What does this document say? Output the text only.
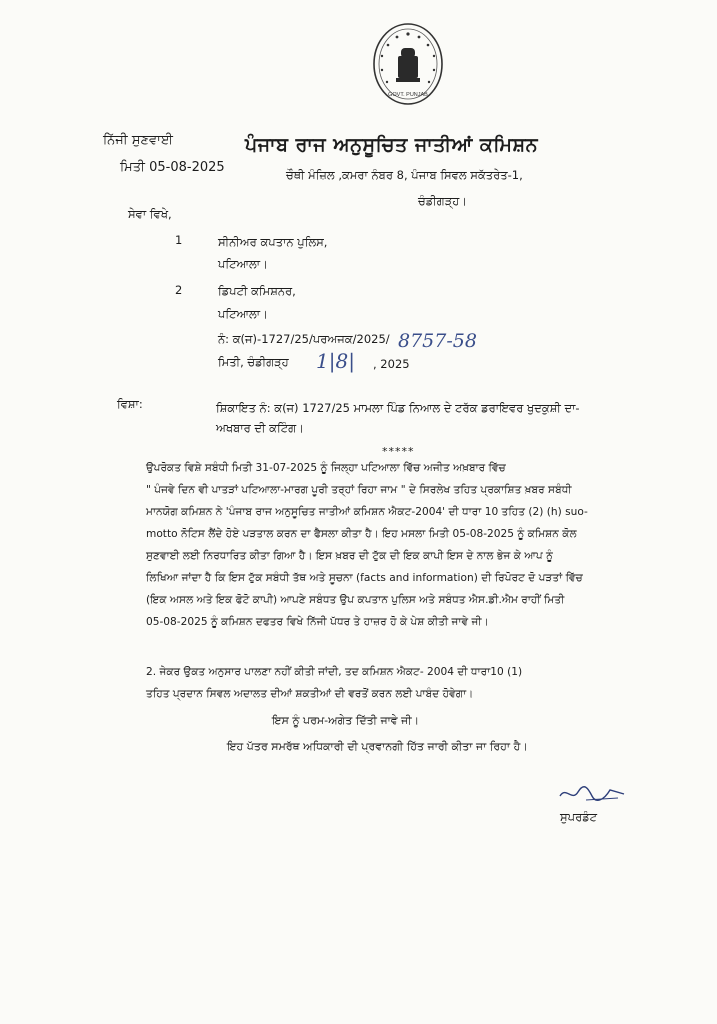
GOVT. PUNJAB
ਨਿੱਜੀ ਸੁਣਵਾਈ
ਮਿਤੀ 05-08-2025
ਪੰਜਾਬ ਰਾਜ ਅਨੁਸੂਚਿਤ ਜਾਤੀਆਂ ਕਮਿਸ਼ਨ
ਚੌਥੀ ਮੰਜ਼ਿਲ ,ਕਮਰਾ ਨੰਬਰ 8, ਪੰਜਾਬ ਸਿਵਲ ਸਕੱਤਰੇਤ-1,
ਚੰਡੀਗੜ੍ਹ।
ਸੇਵਾ ਵਿਖੇ,
1	ਸੀਨੀਅਰ ਕਪਤਾਨ ਪੁਲਿਸ,
ਪਟਿਆਲਾ।
2	ਡਿਪਟੀ ਕਮਿਸ਼ਨਰ,
ਪਟਿਆਲਾ।
ਨੰ: ਕ(ਜ)-1727/25/ਪਰਅਜਕ/2025/ 8757-58
ਮਿਤੀ, ਚੰਡੀਗੜ੍ਹ 1|8| , 2025
ਵਿਸ਼ਾ:	ਸ਼ਿਕਾਇਤ ਨੰ: ਕ(ਜ) 1727/25 ਮਾਮਲਾ ਪਿੰਡ ਨਿਆਲ ਦੇ ਟਰੱਕ ਡਰਾਇਵਰ ਖੁਦਕੁਸ਼ੀ ਦਾ-
ਅਖਬਾਰ ਦੀ ਕਟਿੰਗ।
*****
ਉਪਰੋਕਤ ਵਿਸ਼ੇ ਸਬੰਧੀ ਮਿਤੀ 31-07-2025 ਨੂੰ ਜਿਲ੍ਹਾ ਪਟਿਆਲਾ ਵਿੱਚ ਅਜੀਤ ਅਖ਼ਬਾਰ ਵਿੱਚ
" ਪੰਜਵੇ ਦਿਨ ਵੀ ਪਾਤੜਾਂ ਪਟਿਆਲਾ-ਮਾਰਗ ਪੂਰੀ ਤਰ੍ਹਾਂ ਰਿਹਾ ਜਾਮ " ਦੇ ਸਿਰਲੇਖ ਤਹਿਤ ਪ੍ਰਕਾਸ਼ਿਤ ਖ਼ਬਰ ਸਬੰਧੀ
ਮਾਨਯੋਗ ਕਮਿਸ਼ਨ ਨੇ 'ਪੰਜਾਬ ਰਾਜ ਅਨੁਸੂਚਿਤ ਜਾਤੀਆਂ ਕਮਿਸ਼ਨ ਐਕਟ-2004' ਦੀ ਧਾਰਾ 10 ਤਹਿਤ (2) (h) suo-
motto ਨੋਟਿਸ ਲੈਂਦੇ ਹੋਏ ਪੜਤਾਲ ਕਰਨ ਦਾ ਫੈਸਲਾ ਕੀਤਾ ਹੈ। ਇਹ ਮਸਲਾ ਮਿਤੀ 05-08-2025 ਨੂੰ ਕਮਿਸ਼ਨ ਕੋਲ
ਸੁਣਵਾਈ ਲਈ ਨਿਰਧਾਰਿਤ ਕੀਤਾ ਗਿਆ ਹੈ। ਇਸ ਖ਼ਬਰ ਦੀ ਟੁੱਕ ਦੀ ਇਕ ਕਾਪੀ ਇਸ ਦੇ ਨਾਲ ਭੇਜ ਕੇ ਆਪ ਨੂੰ
ਲਿਖਿਆ ਜਾਂਦਾ ਹੈ ਕਿ ਇਸ ਟੁੱਕ ਸਬੰਧੀ ਤੱਥ ਅਤੇ ਸੂਚਨਾ (facts and information) ਦੀ ਰਿਪੋਰਟ ਦੋ ਪੜਤਾਂ ਵਿੱਚ
(ਇਕ ਅਸਲ ਅਤੇ ਇਕ ਫੋਟੋ ਕਾਪੀ) ਆਪਣੇ ਸਬੰਧਤ ਉਪ ਕਪਤਾਨ ਪੁਲਿਸ ਅਤੇ ਸਬੰਧਤ ਐਸ.ਡੀ.ਐਮ ਰਾਹੀਂ ਮਿਤੀ
05-08-2025 ਨੂੰ ਕਮਿਸ਼ਨ ਦਫਤਰ ਵਿਖੇ ਨਿੱਜੀ ਪੱਧਰ ਤੇ ਹਾਜ਼ਰ ਹੋ ਕੇ ਪੇਸ਼ ਕੀਤੀ ਜਾਵੇ ਜੀ।
2. ਜੇਕਰ ਉਕਤ ਅਨੁਸਾਰ ਪਾਲਣਾ ਨਹੀਂ ਕੀਤੀ ਜਾਂਦੀ, ਤਦ ਕਮਿਸ਼ਨ ਐਕਟ- 2004 ਦੀ ਧਾਰਾ10 (1)
ਤਹਿਤ ਪ੍ਰਦਾਨ ਸਿਵਲ ਅਦਾਲਤ ਦੀਆਂ ਸ਼ਕਤੀਆਂ ਦੀ ਵਰਤੋਂ ਕਰਨ ਲਈ ਪਾਬੰਦ ਹੋਵੇਗਾ।
ਇਸ ਨੂੰ ਪਰਮ-ਅਗੇਤ ਦਿੱਤੀ ਜਾਵੇ ਜੀ।
ਇਹ ਪੱਤਰ ਸਮਰੱਥ ਅਧਿਕਾਰੀ ਦੀ ਪ੍ਰਵਾਨਗੀ ਹਿੱਤ ਜਾਰੀ ਕੀਤਾ ਜਾ ਰਿਹਾ ਹੈ।
ਸੁਪਰਡੰਟ
